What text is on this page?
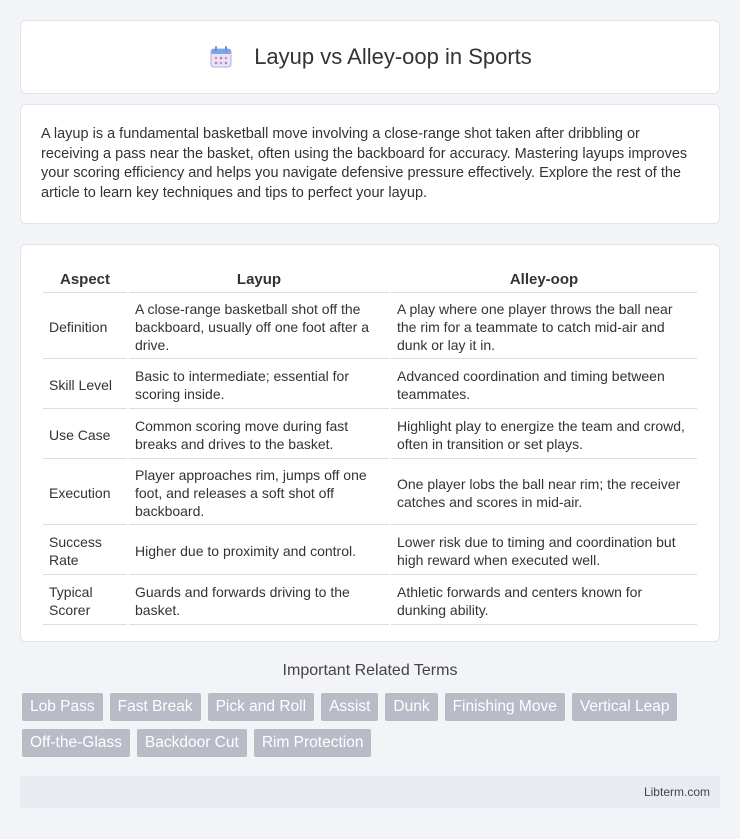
Layup vs Alley-oop in Sports

A layup is a fundamental basketball move involving a close-range shot taken after dribbling or receiving a pass near the basket, often using the backboard for accuracy. Mastering layups improves your scoring efficiency and helps you navigate defensive pressure effectively. Explore the rest of the article to learn key techniques and tips to perfect your layup.

Aspect	Layup	Alley-oop
Definition	A close-range basketball shot off the backboard, usually off one foot after a drive.	A play where one player throws the ball near the rim for a teammate to catch mid-air and dunk or lay it in.
Skill Level	Basic to intermediate; essential for scoring inside.	Advanced coordination and timing between teammates.
Use Case	Common scoring move during fast breaks and drives to the basket.	Highlight play to energize the team and crowd, often in transition or set plays.
Execution	Player approaches rim, jumps off one foot, and releases a soft shot off backboard.	One player lobs the ball near rim; the receiver catches and scores in mid-air.
Success Rate	Higher due to proximity and control.	Lower risk due to timing and coordination but high reward when executed well.
Typical Scorer	Guards and forwards driving to the basket.	Athletic forwards and centers known for dunking ability.
Important Related Terms
Lob Pass	Fast Break	Pick and Roll	Assist	Dunk	Finishing Move	Vertical Leap
Off-the-Glass	Backdoor Cut	Rim Protection
Libterm.com
